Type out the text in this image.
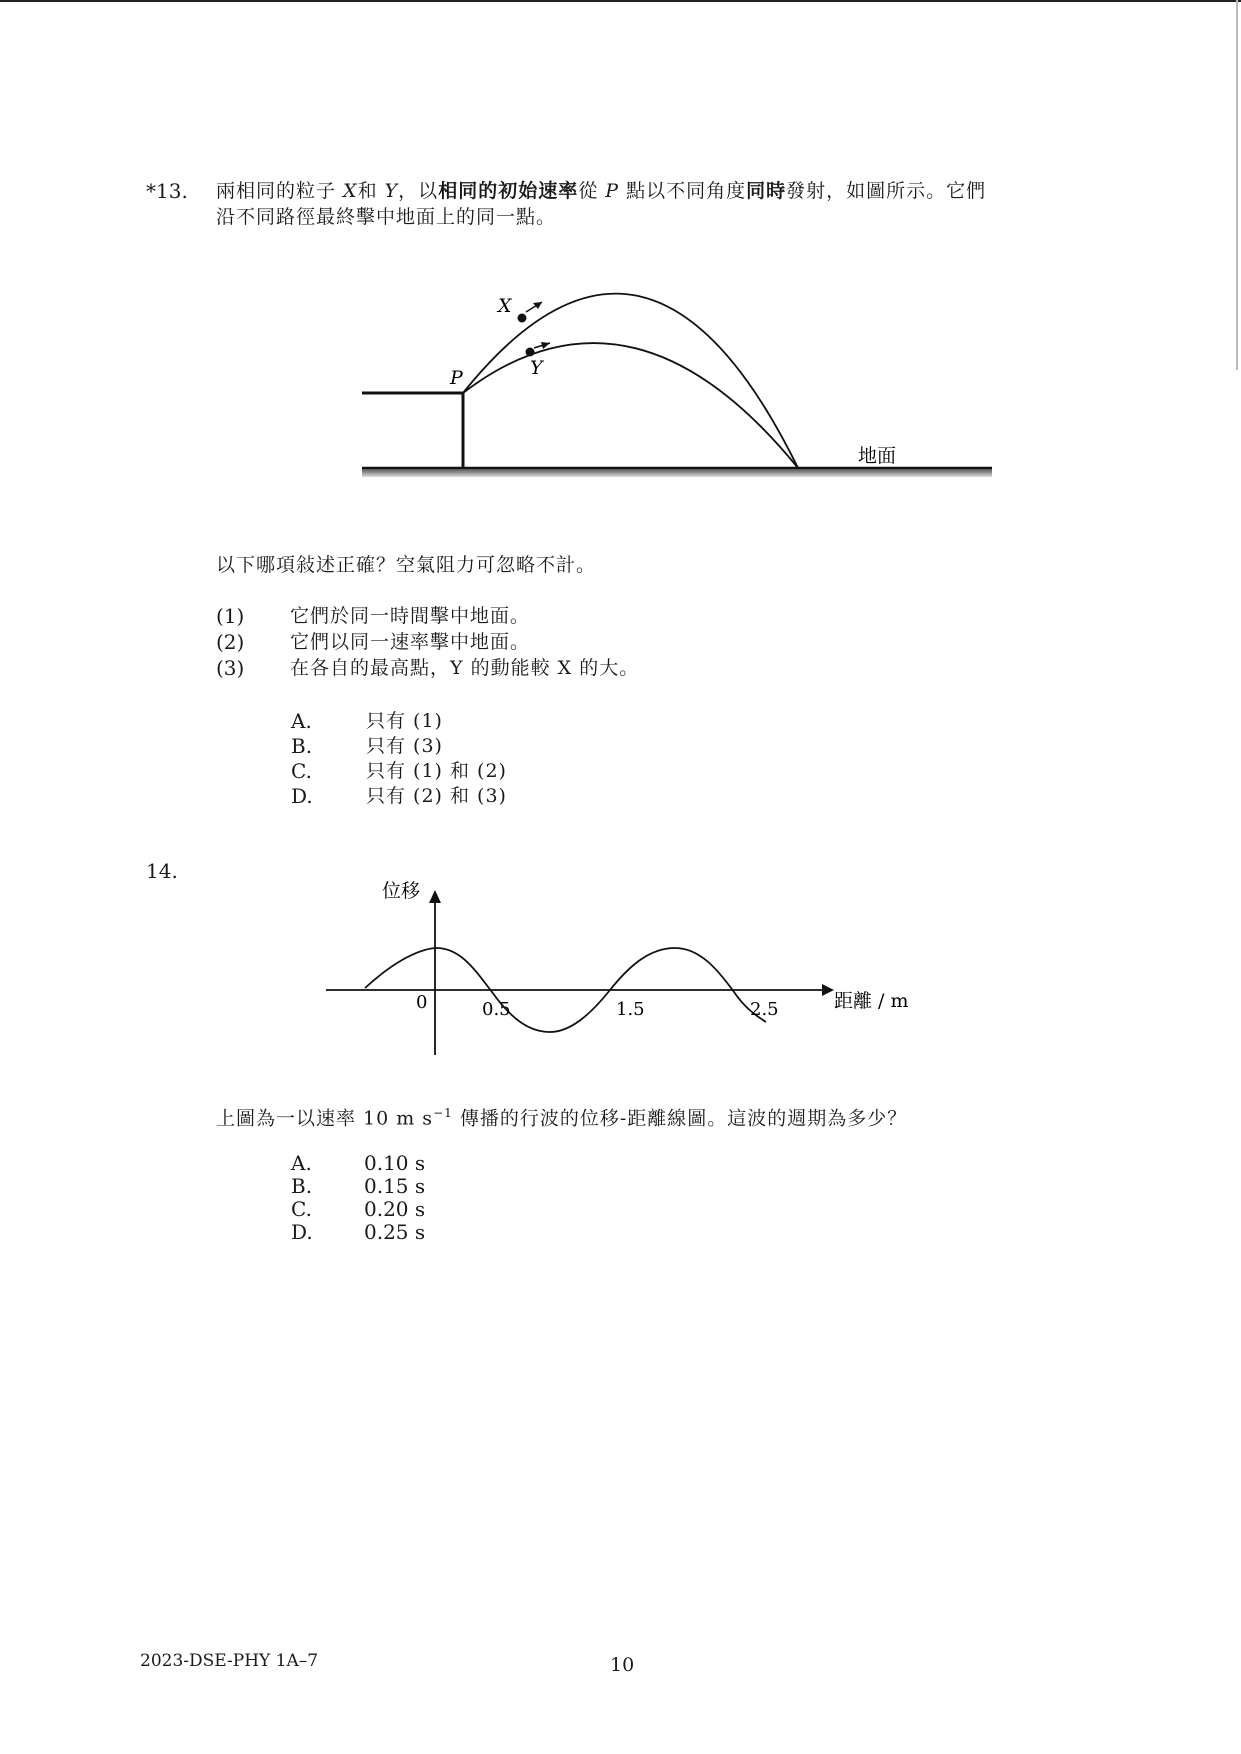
*13. 兩相同的粒子 X和 Y，以相同的初始速率從 P 點以不同角度同時發射，如圖所示。它們
沿不同路徑最終擊中地面上的同一點。
X
Y
P
地面
以下哪項敍述正確？空氣阻力可忽略不計。
(1) 它們於同一時間擊中地面。
(2) 它們以同一速率擊中地面。
(3) 在各自的最高點，Y 的動能較 X 的大。
A.	只有 (1)
B.	只有 (3)
C.	只有 (1) 和 (2)
D.	只有 (2) 和 (3)
14.
0	0.5	1.5	2.5
位移
距離 / m
上圖為一以速率 10 m $s^{-1}$ 傳播的行波的位移-距離線圖。這波的週期為多少？
A.	0.10 s
B.	0.15 s
C.	0.20 s
D.	0.25 s
2023-DSE-PHY 1A–7	10
